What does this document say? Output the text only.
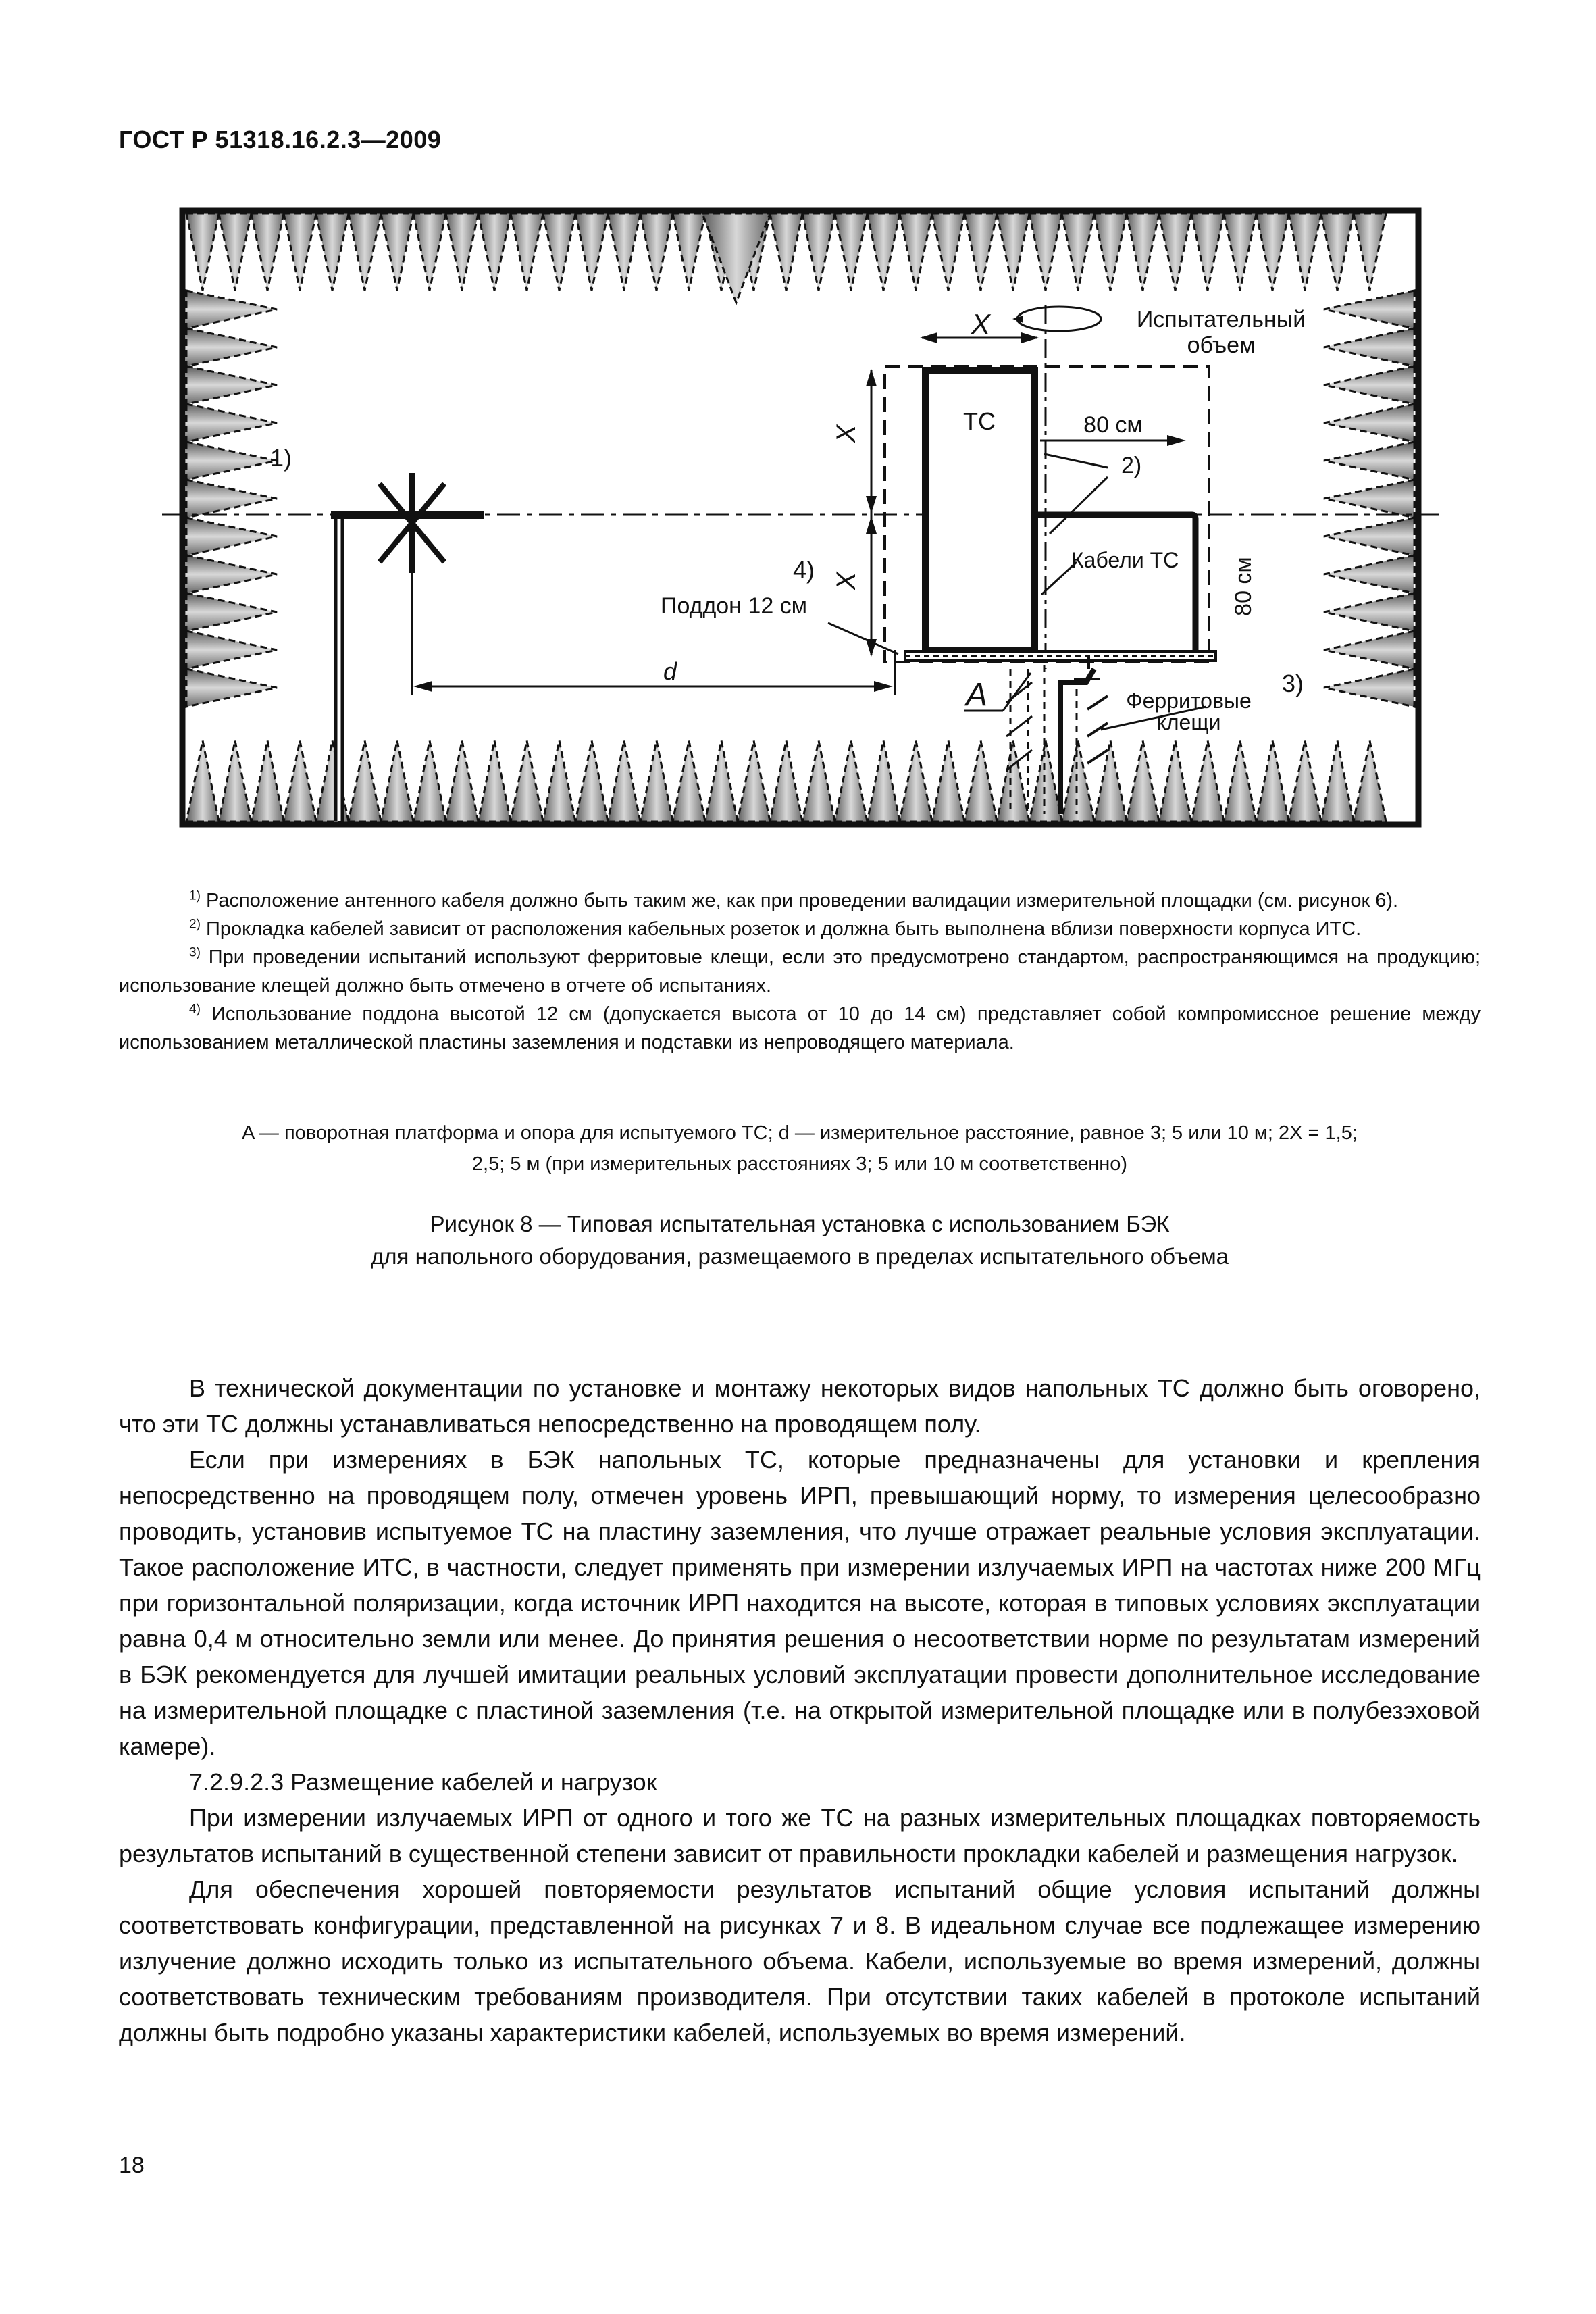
ГОСТ Р 51318.16.2.3—2009
Испытательный
объем
X
X
X
ТС	80 см
2)
1)
4)
Поддон 12 см
Кабели ТС 80 см
d
A	Ферритовые
клещи
3)

$^{1)}$ Расположение антенного кабеля должно быть таким же, как при проведении валидации измерительной площадки (см. рисунок 6).

$^{2)}$ Прокладка кабелей зависит от расположения кабельных розеток и должна быть выполнена вблизи поверхности корпуса ИТС.

$^{3)}$ При проведении испытаний используют ферритовые клещи, если это предусмотрено стандартом, распространяющимся на продукцию; использование клещей должно быть отмечено в отчете об испытаниях.

$^{4)}$ Использование поддона высотой 12 см (допускается высота от 10 до 14 см) представляет собой компромиссное решение между использованием металлической пластины заземления и подставки из непроводящего материала.

A — поворотная платформа и опора для испытуемого ТС; d — измерительное расстояние, равное 3; 5 или 10 м; 2X = 1,5;
2,5; 5 м (при измерительных расстояниях 3; 5 или 10 м соответственно)
Рисунок 8 — Типовая испытательная установка с использованием БЭК
для напольного оборудования, размещаемого в пределах испытательного объема

В технической документации по установке и монтажу некоторых видов напольных ТС должно быть оговорено, что эти ТС должны устанавливаться непосредственно на проводящем полу.

Если при измерениях в БЭК напольных ТС, которые предназначены для установки и крепления непосредственно на проводящем полу, отмечен уровень ИРП, превышающий норму, то измерения целесообразно проводить, установив испытуемое ТС на пластину заземления, что лучше отражает реальные условия эксплуатации. Такое расположение ИТС, в частности, следует применять при измерении излучаемых ИРП на частотах ниже 200 МГц при горизонтальной поляризации, когда источник ИРП находится на высоте, которая в типовых условиях эксплуатации равна 0,4 м относительно земли или менее. До принятия решения о несоответствии норме по результатам измерений в БЭК рекомендуется для лучшей имитации реальных условий эксплуатации провести дополнительное исследование на измерительной площадке с пластиной заземления (т.е. на открытой измерительной площадке или в полубезэховой камере).

7.2.9.2.3 Размещение кабелей и нагрузок

При измерении излучаемых ИРП от одного и того же ТС на разных измерительных площадках повторяемость результатов испытаний в существенной степени зависит от правильности прокладки кабелей и размещения нагрузок.

Для обеспечения хорошей повторяемости результатов испытаний общие условия испытаний должны соответствовать конфигурации, представленной на рисунках 7 и 8. В идеальном случае все подлежащее измерению излучение должно исходить только из испытательного объема. Кабели, используемые во время измерений, должны соответствовать техническим требованиям производителя. При отсутствии таких кабелей в протоколе испытаний должны быть подробно указаны характеристики кабелей, используемых во время измерений.

18
